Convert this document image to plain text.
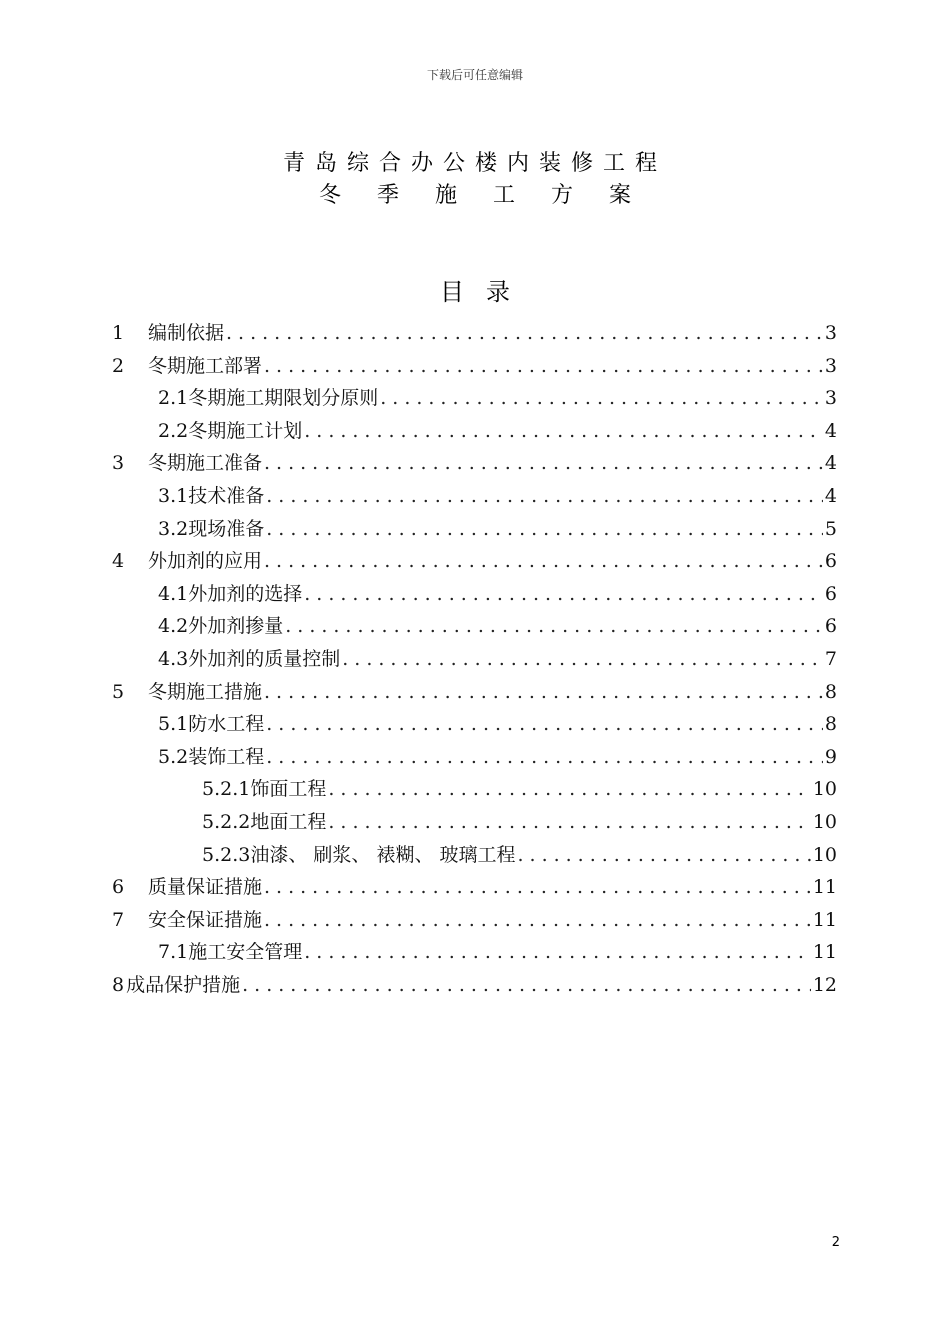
下载后可任意编辑
青岛综合办公楼内装修工程
冬季施工方案
目录
1	编制依据 .....	3
2	冬期施工部署 .....	3
2.1 冬期施工期限划分原则 .....	3
2.2 冬期施工计划 .....	4
3	冬期施工准备 .....	4
3.1 技术准备 .....	4
3.2 现场准备 .....	5
4	外加剂的应用 .....	6
4.1 外加剂的选择 .....	6
4.2 外加剂掺量 .....	6
4.3 外加剂的质量控制 .....	7
5	冬期施工措施 .....	8
5.1 防水工程 .....	8
5.2 装饰工程 .....	9
5.2.1 饰面工程 .....	10
5.2.2 地面工程 .....	10
5.2.3 油漆、 刷浆、 裱糊、 玻璃工程 .....	10
6	质量保证措施 .....	11
7	安全保证措施 .....	11
7.1 施工安全管理 .....	11
8 成品保护措施 .....	12
2
